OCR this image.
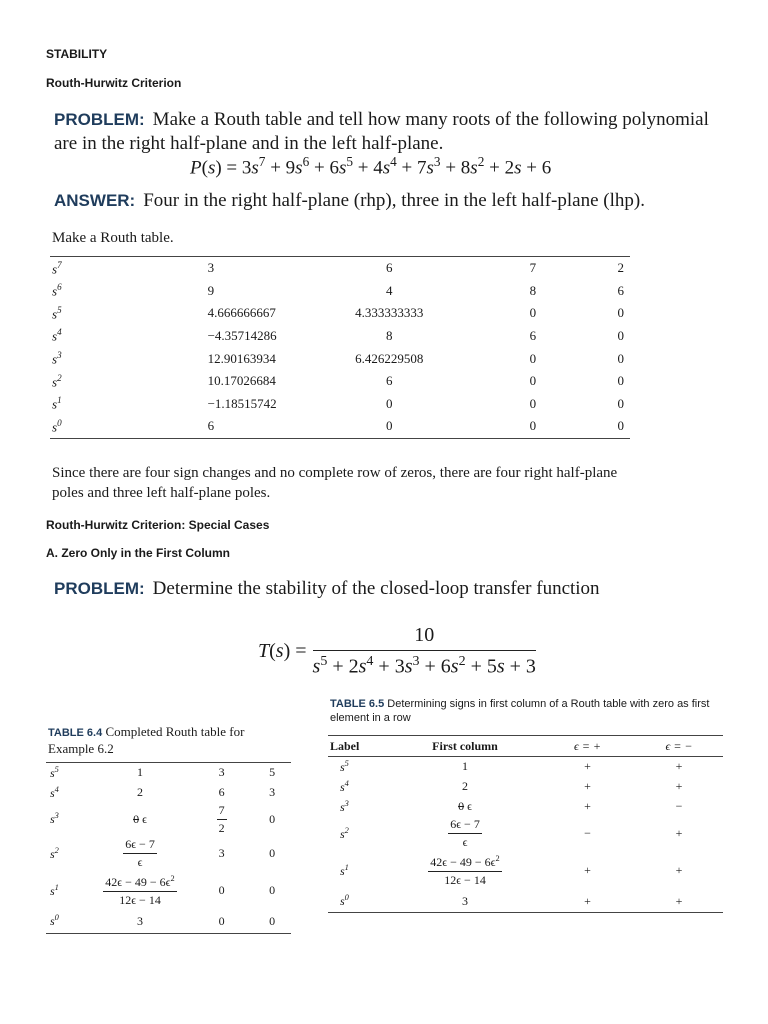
STABILITY
Routh-Hurwitz Criterion
PROBLEM: Make a Routh table and tell how many roots of the following polynomial are in the right half-plane and in the left half-plane.
$P(s) = 3s^7 + 9s^6 + 6s^5 + 4s^4 + 7s^3 + 8s^2 + 2s + 6$
ANSWER: Four in the right half-plane (rhp), three in the left half-plane (lhp).
Make a Routh table.
$s^7$	3	6	7	2
$s^6$	9	4	8	6
$s^5$	4.666666667	4.333333333	0	0
$s^4$	−4.35714286	8	6	0
$s^3$	12.90163934	6.426229508	0	0
$s^2$	10.17026684	6	0	0
$s^1$	−1.18515742	0	0	0
$s^0$	6	0	0	0
Since there are four sign changes and no complete row of zeros, there are four right half-plane poles and three left half-plane poles.
Routh-Hurwitz Criterion: Special Cases
A. Zero Only in the First Column
PROBLEM: Determine the stability of the closed-loop transfer function
$T(s) = \frac{10}{s^5 + 2s^4 + 3s^3 + 6s^2 + 5s + 3}$
TABLE 6.4 Completed Routh table for Example 6.2
$s^5$	1	3	5
$s^4$	2	6	3
$s^3$	0 ϵ	$\frac{7}{2}$	0
$s^2$	$\frac{6\epsilon - 7}{\epsilon}$	3	0
$s^1$	$\frac{42\epsilon - 49 - 6\epsilon^2}{12\epsilon - 14}$	0	0
$s^0$	3	0	0
TABLE 6.5 Determining signs in first column of a Routh table with zero as first element in a row
Label	First column	ϵ = +	ϵ = −
$s^5$	1	+	+
$s^4$	2	+	+
$s^3$	0 ϵ	+	−
$s^2$	$\frac{6\epsilon - 7}{\epsilon}$	−	+
$s^1$	$\frac{42\epsilon - 49 - 6\epsilon^2}{12\epsilon - 14}$	+	+
$s^0$	3	+	+
